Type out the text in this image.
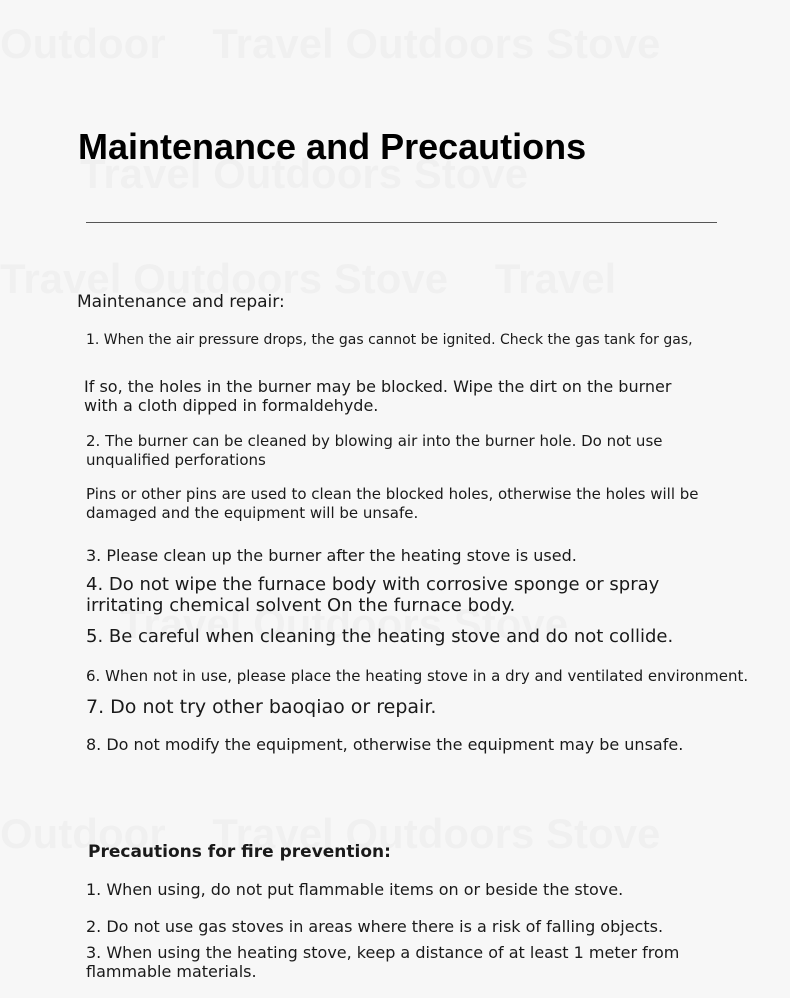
Maintenance and Precautions

Maintenance and repair:

1. When the air pressure drops, the gas cannot be ignited. Check the gas tank for gas,

If so, the holes in the burner may be blocked. Wipe the dirt on the burner with a cloth dipped in formaldehyde.

2. The burner can be cleaned by blowing air into the burner hole. Do not use unqualified perforations

Pins or other pins are used to clean the blocked holes, otherwise the holes will be damaged and the equipment will be unsafe.

3. Please clean up the burner after the heating stove is used.

4. Do not wipe the furnace body with corrosive sponge or spray irritating chemical solvent On the furnace body.

5. Be careful when cleaning the heating stove and do not collide.

6. When not in use, please place the heating stove in a dry and ventilated environment.

7. Do not try other baoqiao or repair.

8. Do not modify the equipment, otherwise the equipment may be unsafe.

Precautions for fire prevention:

1. When using, do not put flammable items on or beside the stove.

2. Do not use gas stoves in areas where there is a risk of falling objects.

3. When using the heating stove, keep a distance of at least 1 meter from flammable materials.
